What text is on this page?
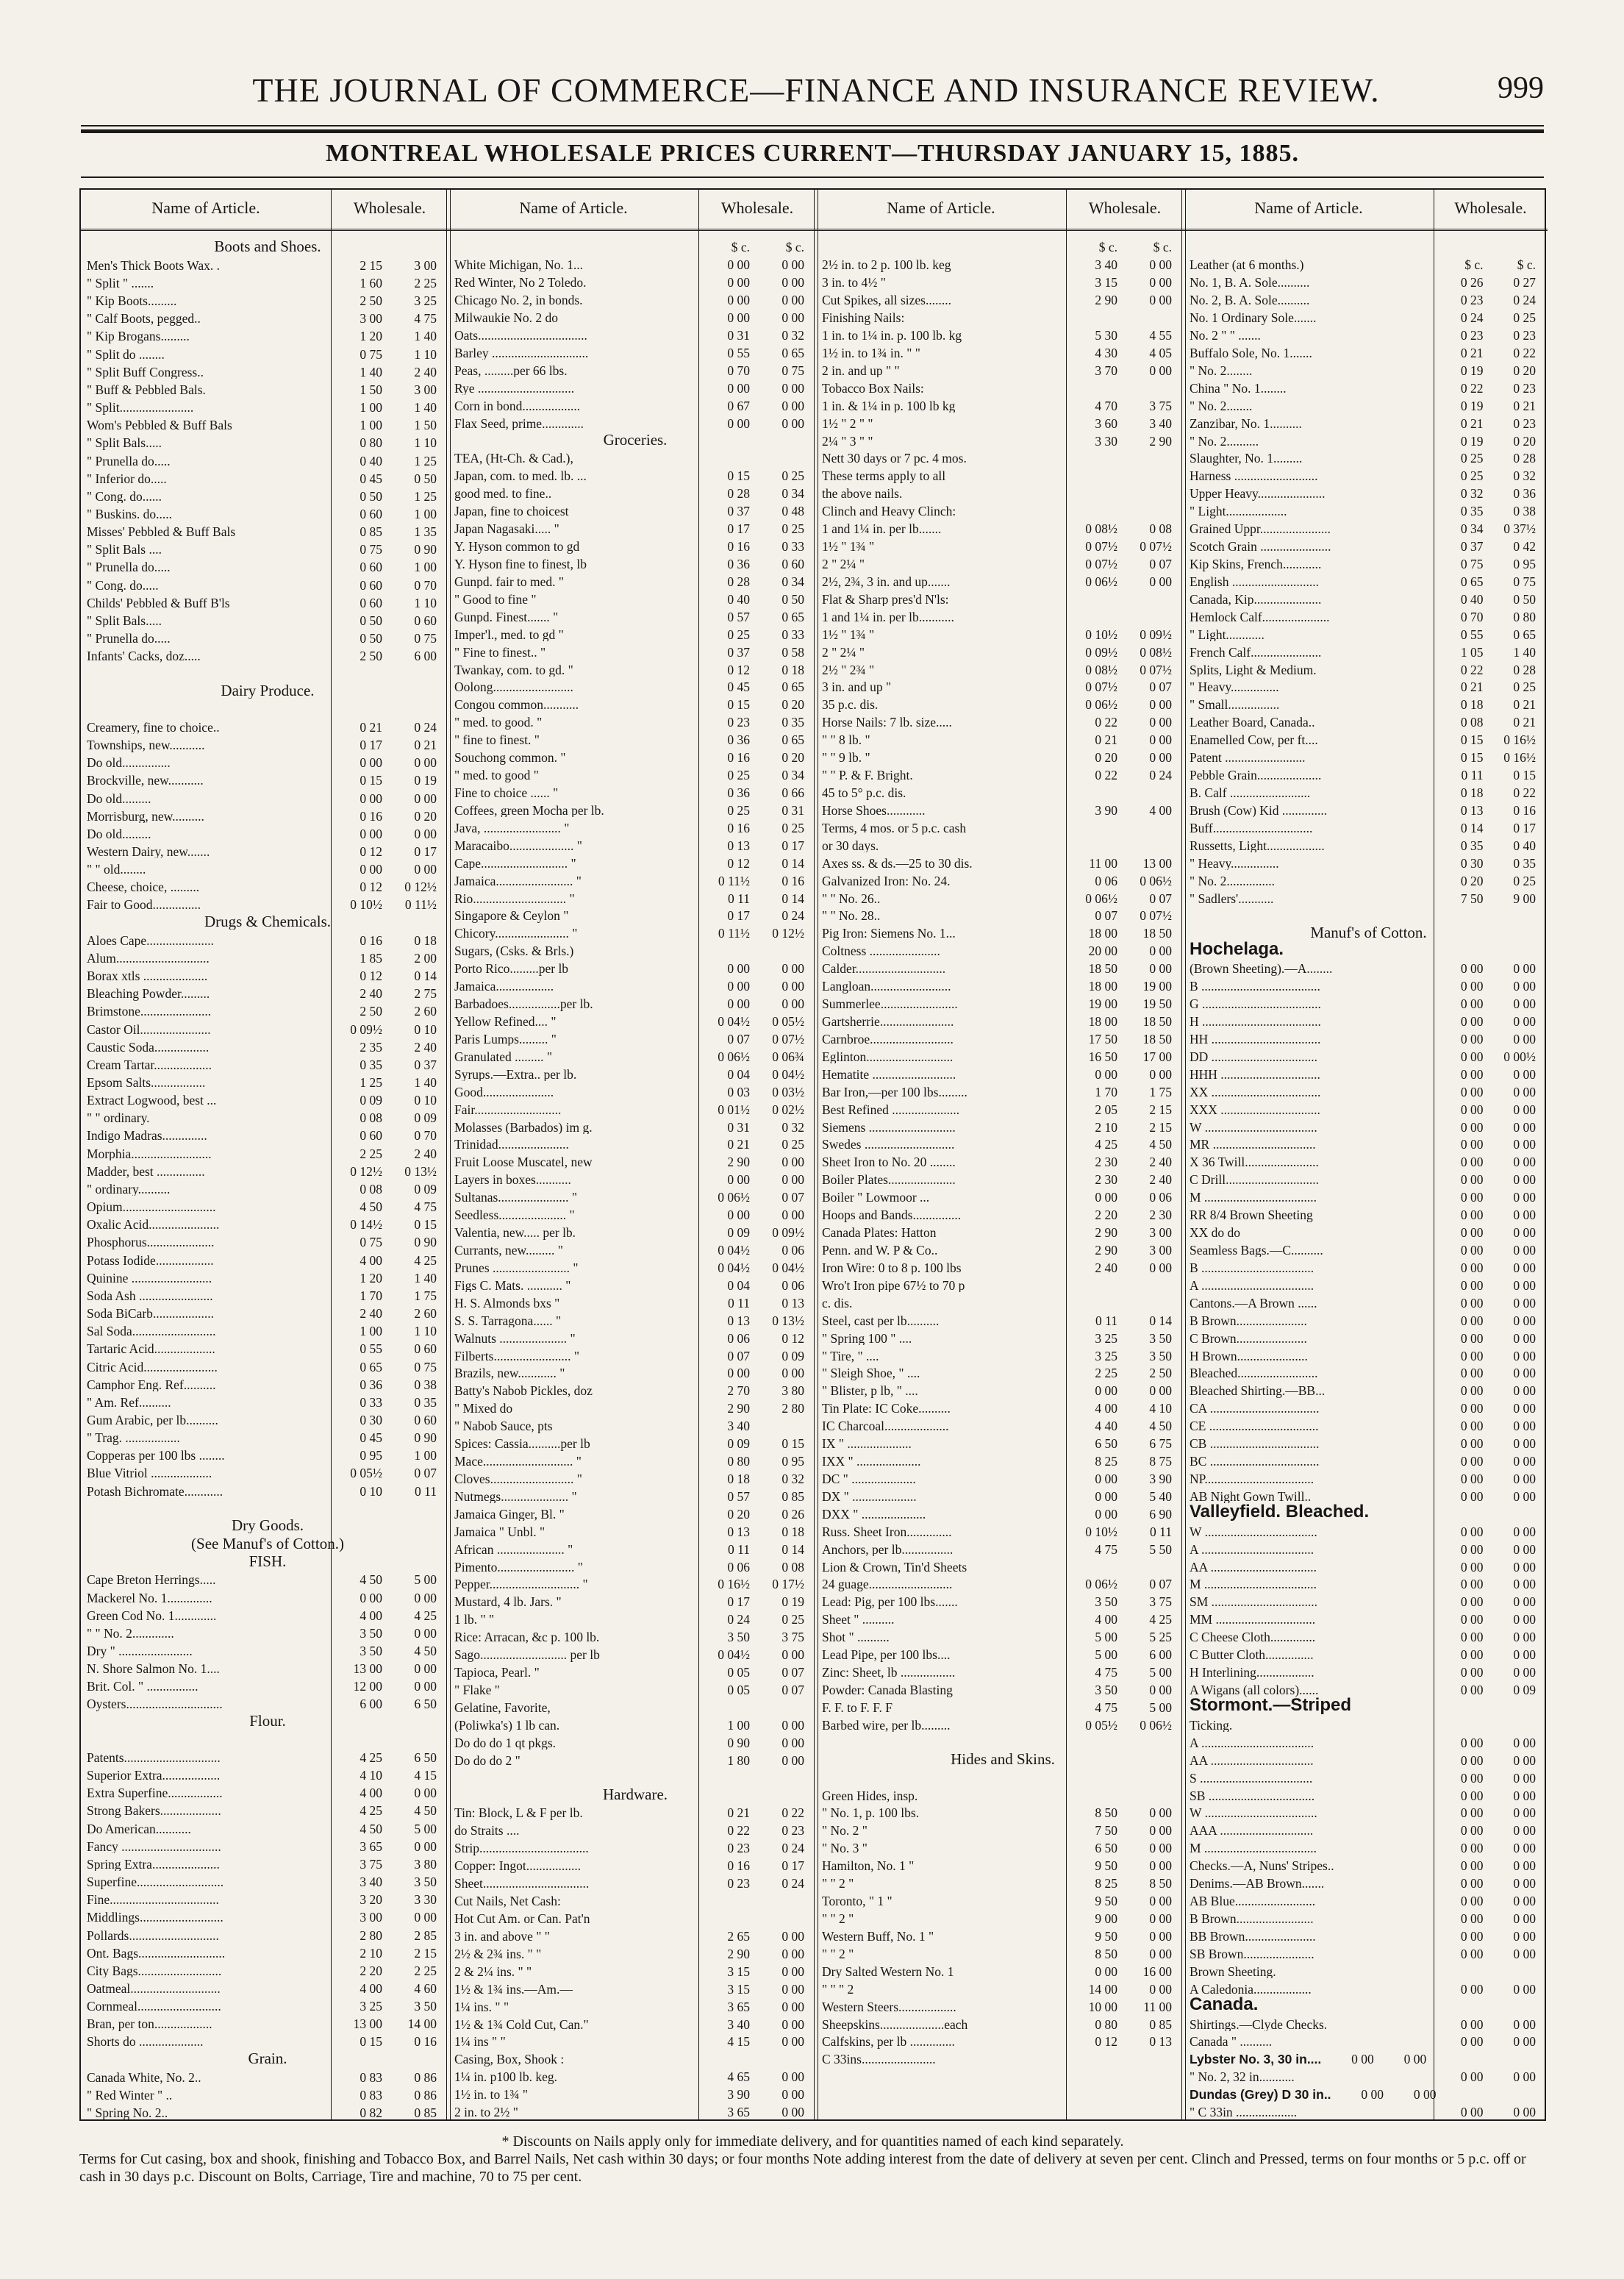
THE JOURNAL OF COMMERCE—FINANCE AND INSURANCE REVIEW.	999
MONTREAL WHOLESALE PRICES CURRENT—THURSDAY JANUARY 15, 1885.
Name of Article.	Wholesale.
Boots and Shoes.
Men's Thick Boots Wax. .	2 15	3 00
" Split " .......	1 60	2 25
" Kip Boots.........	2 50	3 25
" Calf Boots, pegged..	3 00	4 75
" Kip Brogans.........	1 20	1 40
" Split do ........	0 75	1 10
" Split Buff Congress..	1 40	2 40
" Buff & Pebbled Bals.	1 50	3 00
" Split.......................	1 00	1 40
Wom's Pebbled & Buff Bals	1 00	1 50
" Split Bals.....	0 80	1 10
" Prunella do.....	0 40	1 25
" Inferior do.....	0 45	0 50
" Cong. do......	0 50	1 25
" Buskins. do.....	0 60	1 00
Misses' Pebbled & Buff Bals	0 85	1 35
" Split Bals ....	0 75	0 90
" Prunella do.....	0 60	1 00
" Cong. do.....	0 60	0 70
Childs' Pebbled & Buff B'ls	0 60	1 10
" Split Bals.....	0 50	0 60
" Prunella do.....	0 50	0 75
Infants' Cacks, doz.....	2 50	6 00
Dairy Produce.
Creamery, fine to choice..	0 21	0 24
Townships, new...........	0 17	0 21
Do old...............	0 00	0 00
Brockville, new...........	0 15	0 19
Do old.........	0 00	0 00
Morrisburg, new..........	0 16	0 20
Do old.........	0 00	0 00
Western Dairy, new.......	0 12	0 17
" " old........	0 00	0 00
Cheese, choice, .........	0 12	0 12½
Fair to Good...............	0 10½	0 11½
Drugs & Chemicals.
Aloes Cape.....................	0 16	0 18
Alum.............................	1 85	2 00
Borax xtls ....................	0 12	0 14
Bleaching Powder.........	2 40	2 75
Brimstone......................	2 50	2 60
Castor Oil......................	0 09½	0 10
Caustic Soda.................	2 35	2 40
Cream Tartar..................	0 35	0 37
Epsom Salts.................	1 25	1 40
Extract Logwood, best ...	0 09	0 10
" " ordinary.	0 08	0 09
Indigo Madras..............	0 60	0 70
Morphia.........................	2 25	2 40
Madder, best ...............	0 12½	0 13½
" ordinary..........	0 08	0 09
Opium.............................	4 50	4 75
Oxalic Acid......................	0 14½	0 15
Phosphorus.....................	0 75	0 90
Potass Iodide..................	4 00	4 25
Quinine .........................	1 20	1 40
Soda Ash .......................	1 70	1 75
Soda BiCarb...................	2 40	2 60
Sal Soda..........................	1 00	1 10
Tartaric Acid...................	0 55	0 60
Citric Acid.......................	0 65	0 75
Camphor Eng. Ref..........	0 36	0 38
" Am. Ref..........	0 33	0 35
Gum Arabic, per lb..........	0 30	0 60
" Trag. .................	0 45	0 90
Copperas per 100 lbs ........	0 95	1 00
Blue Vitriol ...................	0 05½	0 07
Potash Bichromate............	0 10	0 11
Dry Goods.
(See Manuf's of Cotton.)
FISH.
Cape Breton Herrings.....	4 50	5 00
Mackerel No. 1..............	0 00	0 00
Green Cod No. 1.............	4 00	4 25
" " No. 2.............	3 50	0 00
Dry " .......................	3 50	4 50
N. Shore Salmon No. 1....	13 00	0 00
Brit. Col. " ................	12 00	0 00
Oysters..............................	6 00	6 50
Flour.
Patents..............................	4 25	6 50
Superior Extra..................	4 10	4 15
Extra Superfine.................	4 00	0 00
Strong Bakers...................	4 25	4 50
Do American...........	4 50	5 00
Fancy ...............................	3 65	0 00
Spring Extra.....................	3 75	3 80
Superfine...........................	3 40	3 50
Fine..................................	3 20	3 30
Middlings..........................	3 00	0 00
Pollards............................	2 80	2 85
Ont. Bags...........................	2 10	2 15
City Bags..........................	2 20	2 25
Oatmeal............................	4 00	4 60
Cornmeal..........................	3 25	3 50
Bran, per ton..................	13 00	14 00
Shorts do ....................	0 15	0 16
Grain.
Canada White, No. 2..	0 83	0 86
" Red Winter " ..	0 83	0 86
" Spring No. 2..	0 82	0 85
Name of Article.	Wholesale.
$ c.	$ c.
White Michigan, No. 1...	0 00	0 00
Red Winter, No 2 Toledo.	0 00	0 00
Chicago No. 2, in bonds.	0 00	0 00
Milwaukie No. 2 do	0 00	0 00
Oats..................................	0 31	0 32
Barley ..............................	0 55	0 65
Peas, .........per 66 lbs.	0 70	0 75
Rye ..............................	0 00	0 00
Corn in bond..................	0 67	0 00
Flax Seed, prime.............	0 00	0 00
Groceries.
TEA, (Ht-Ch. & Cad.),
Japan, com. to med. lb. ...	0 15	0 25
good med. to fine..	0 28	0 34
Japan, fine to choicest	0 37	0 48
Japan Nagasaki..... "	0 17	0 25
Y. Hyson common to gd	0 16	0 33
Y. Hyson fine to finest, lb	0 36	0 60
Gunpd. fair to med. "	0 28	0 34
" Good to fine "	0 40	0 50
Gunpd. Finest....... "	0 57	0 65
Imper'l., med. to gd "	0 25	0 33
" Fine to finest.. "	0 37	0 58
Twankay, com. to gd. "	0 12	0 18
Oolong.........................	0 45	0 65
Congou common...........	0 15	0 20
" med. to good. "	0 23	0 35
" fine to finest. "	0 36	0 65
Souchong common. "	0 16	0 20
" med. to good "	0 25	0 34
Fine to choice ...... "	0 36	0 66
Coffees, green Mocha per lb.	0 25	0 31
Java, ........................ "	0 16	0 25
Maracaibo.................... "	0 13	0 17
Cape........................... "	0 12	0 14
Jamaica........................ "	0 11½	0 16
Rio............................. "	0 11	0 14
Singapore & Ceylon "	0 17	0 24
Chicory....................... "	0 11½	0 12½
Sugars, (Csks. & Brls.)
Porto Rico.........per lb	0 00	0 00
Jamaica..................	0 00	0 00
Barbadoes................per lb.	0 00	0 00
Yellow Refined.... "	0 04½	0 05½
Paris Lumps......... "	0 07	0 07½
Granulated ......... "	0 06½	0 06¾
Syrups.—Extra.. per lb.	0 04	0 04½
Good......................	0 03	0 03½
Fair...........................	0 01½	0 02½
Molasses (Barbados) im g.	0 31	0 32
Trinidad......................	0 21	0 25
Fruit Loose Muscatel, new	2 90	0 00
Layers in boxes...........	0 00	0 00
Sultanas...................... "	0 06½	0 07
Seedless..................... "	0 00	0 00
Valentia, new..... per lb.	0 09	0 09½
Currants, new......... "	0 04½	0 06
Prunes ........................ "	0 04½	0 04½
Figs C. Mats. ........... "	0 04	0 06
H. S. Almonds bxs "	0 11	0 13
S. S. Tarragona...... "	0 13	0 13½
Walnuts ..................... "	0 06	0 12
Filberts........................ "	0 07	0 09
Brazils, new............ "	0 00	0 00
Batty's Nabob Pickles, doz	2 70	3 80
" Mixed do	2 90	2 80
" Nabob Sauce, pts	3 40
Spices: Cassia..........per lb	0 09	0 15
Mace............................ "	0 80	0 95
Cloves.......................... "	0 18	0 32
Nutmegs..................... "	0 57	0 85
Jamaica Ginger, Bl. "	0 20	0 26
Jamaica " Unbl. "	0 13	0 18
African ..................... "	0 11	0 14
Pimento........................ "	0 06	0 08
Pepper............................ "	0 16½	0 17½
Mustard, 4 lb. Jars. "	0 17	0 19
1 lb. " "	0 24	0 25
Rice: Arracan, &c p. 100 lb.	3 50	3 75
Sago........................... per lb	0 04½	0 00
Tapioca, Pearl. "	0 05	0 07
" Flake "	0 05	0 07
Gelatine, Favorite,
(Poliwka's) 1 lb can.	1 00	0 00
Do do do 1 qt pkgs.	0 90	0 00
Do do do 2 "	1 80	0 00
Hardware.
Tin: Block, L & F per lb.	0 21	0 22
do Straits ....	0 22	0 23
Strip..................................	0 23	0 24
Copper: Ingot.................	0 16	0 17
Sheet.................................	0 23	0 24
Cut Nails, Net Cash:
Hot Cut Am. or Can. Pat'n
3 in. and above " "	2 65	0 00
2½ & 2¾ ins. " "	2 90	0 00
2 & 2¼ ins. " "	3 15	0 00
1½ & 1¾ ins.—Am.—	3 15	0 00
1¼ ins. " "	3 65	0 00
1½ & 1¾ Cold Cut, Can."	3 40	0 00
1¼ ins " "	4 15	0 00
Casing, Box, Shook :
1¼ in. p100 lb. keg.	4 65	0 00
1½ in. to 1¾ "	3 90	0 00
2 in. to 2½ "	3 65	0 00
Name of Article.	Wholesale.
$ c.	$ c.
2½ in. to 2 p. 100 lb. keg	3 40	0 00
3 in. to 4½ "	3 15	0 00
Cut Spikes, all sizes........	2 90	0 00
Finishing Nails:
1 in. to 1¼ in. p. 100 lb. kg	5 30	4 55
1½ in. to 1¾ in. " "	4 30	4 05
2 in. and up " "	3 70	0 00
Tobacco Box Nails:
1 in. & 1¼ in p. 100 lb kg	4 70	3 75
1½ " 2 " "	3 60	3 40
2¼ " 3 " "	3 30	2 90
Nett 30 days or 7 pc. 4 mos.
These terms apply to all
the above nails.
Clinch and Heavy Clinch:
1 and 1¼ in. per lb.......	0 08½	0 08
1½ " 1¾ "	0 07½	0 07½
2 " 2¼ "	0 07½	0 07
2½, 2¾, 3 in. and up.......	0 06½	0 00
Flat & Sharp pres'd N'ls:
1 and 1¼ in. per lb...........
1½ " 1¾ "	0 10½	0 09½
2 " 2¼ "	0 09½	0 08½
2½ " 2¾ "	0 08½	0 07½
3 in. and up "	0 07½	0 07
35 p.c. dis.	0 06½	0 00
Horse Nails: 7 lb. size.....	0 22	0 00
" " 8 lb. "	0 21	0 00
" " 9 lb. "	0 20	0 00
" " P. & F. Bright.	0 22	0 24
45 to 5° p.c. dis.
Horse Shoes............	3 90	4 00
Terms, 4 mos. or 5 p.c. cash
or 30 days.
Axes ss. & ds.—25 to 30 dis.	11 00	13 00
Galvanized Iron: No. 24.	0 06	0 06½
" " No. 26..	0 06½	0 07
" " No. 28..	0 07	0 07½
Pig Iron: Siemens No. 1...	18 00	18 50
Coltness ......................	20 00	0 00
Calder............................	18 50	0 00
Langloan.........................	18 00	19 00
Summerlee........................	19 00	19 50
Gartsherrie.......................	18 00	18 50
Carnbroe..........................	17 50	18 50
Eglinton...........................	16 50	17 00
Hematite ..........................	0 00	0 00
Bar Iron,—per 100 lbs.........	1 70	1 75
Best Refined .....................	2 05	2 15
Siemens ...........................	2 10	2 15
Swedes ............................	4 25	4 50
Sheet Iron to No. 20 ........	2 30	2 40
Boiler Plates.....................	2 30	2 40
Boiler " Lowmoor ...	0 00	0 06
Hoops and Bands...............	2 20	2 30
Canada Plates: Hatton	2 90	3 00
Penn. and W. P & Co..	2 90	3 00
Iron Wire: 0 to 8 p. 100 lbs	2 40	0 00
Wro't Iron pipe 67½ to 70 p
c. dis.
Steel, cast per lb..........	0 11	0 14
" Spring 100 " ....	3 25	3 50
" Tire, " ....	3 25	3 50
" Sleigh Shoe, " ....	2 25	2 50
" Blister, p lb, " ....	0 00	0 00
Tin Plate: IC Coke..........	4 00	4 10
IC Charcoal....................	4 40	4 50
IX " ....................	6 50	6 75
IXX " ....................	8 25	8 75
DC " ....................	0 00	3 90
DX " ....................	0 00	5 40
DXX " ....................	0 00	6 90
Russ. Sheet Iron..............	0 10½	0 11
Anchors, per lb................	4 75	5 50
Lion & Crown, Tin'd Sheets
24 guage..........................	0 06½	0 07
Lead: Pig, per 100 lbs.......	3 50	3 75
Sheet " ..........	4 00	4 25
Shot " ..........	5 00	5 25
Lead Pipe, per 100 lbs....	5 00	6 00
Zinc: Sheet, lb .................	4 75	5 00
Powder: Canada Blasting	3 50	0 00
F. F. to F. F. F	4 75	5 00
Barbed wire, per lb.........	0 05½	0 06½
Hides and Skins.
Green Hides, insp.
" No. 1, p. 100 lbs.	8 50	0 00
" No. 2 "	7 50	0 00
" No. 3 "	6 50	0 00
Hamilton, No. 1 "	9 50	0 00
" " 2 "	8 25	8 50
Toronto, " 1 "	9 50	0 00
" " 2 "	9 00	0 00
Western Buff, No. 1 "	9 50	0 00
" " 2 "	8 50	0 00
Dry Salted Western No. 1	0 00	16 00
" " " 2	14 00	0 00
Western Steers..................	10 00	11 00
Sheepskins....................each	0 80	0 85
Calfskins, per lb ..............	0 12	0 13
C 33ins.......................
Name of Article.	Wholesale.
Leather (at 6 months.)	$ c.	$ c.
No. 1, B. A. Sole..........	0 26	0 27
No. 2, B. A. Sole..........	0 23	0 24
No. 1 Ordinary Sole.......	0 24	0 25
No. 2 " " .......	0 23	0 23
Buffalo Sole, No. 1.......	0 21	0 22
" No. 2........	0 19	0 20
China " No. 1........	0 22	0 23
" No. 2........	0 19	0 21
Zanzibar, No. 1..........	0 21	0 23
" No. 2..........	0 19	0 20
Slaughter, No. 1.........	0 25	0 28
Harness ..........................	0 25	0 32
Upper Heavy.....................	0 32	0 36
" Light...................	0 35	0 38
Grained Uppr......................	0 34	0 37½
Scotch Grain ......................	0 37	0 42
Kip Skins, French............	0 75	0 95
English ...........................	0 65	0 75
Canada, Kip.....................	0 40	0 50
Hemlock Calf.....................	0 70	0 80
" Light............	0 55	0 65
French Calf......................	1 05	1 40
Splits, Light & Medium.	0 22	0 28
" Heavy...............	0 21	0 25
" Small................	0 18	0 21
Leather Board, Canada..	0 08	0 21
Enamelled Cow, per ft....	0 15	0 16½
Patent .........................	0 15	0 16½
Pebble Grain....................	0 11	0 15
B. Calf .........................	0 18	0 22
Brush (Cow) Kid ..............	0 13	0 16
Buff...............................	0 14	0 17
Russetts, Light..................	0 35	0 40
" Heavy...............	0 30	0 35
" No. 2...............	0 20	0 25
" Sadlers'...........	7 50	9 00
Manuf's of Cotton.
Hochelaga.
(Brown Sheeting).—A........	0 00	0 00
B .....................................	0 00	0 00
G .....................................	0 00	0 00
H .....................................	0 00	0 00
HH ..................................	0 00	0 00
DD .................................	0 00	0 00½
HHH ...............................	0 00	0 00
XX ..................................	0 00	0 00
XXX ...............................	0 00	0 00
W ...................................	0 00	0 00
MR ................................	0 00	0 00
X 36 Twill.......................	0 00	0 00
C Drill.............................	0 00	0 00
M ...................................	0 00	0 00
RR 8/4 Brown Sheeting	0 00	0 00
XX do do	0 00	0 00
Seamless Bags.—C..........	0 00	0 00
B ...................................	0 00	0 00
A ...................................	0 00	0 00
Cantons.—A Brown ......	0 00	0 00
B Brown......................	0 00	0 00
C Brown......................	0 00	0 00
H Brown......................	0 00	0 00
Bleached.........................	0 00	0 00
Bleached Shirting.—BB...	0 00	0 00
CA ..................................	0 00	0 00
CE ..................................	0 00	0 00
CB ..................................	0 00	0 00
BC ..................................	0 00	0 00
NP..................................	0 00	0 00
AB Night Gown Twill..	0 00	0 00
Valleyfield. Bleached.
W ...................................	0 00	0 00
A ...................................	0 00	0 00
AA .................................	0 00	0 00
M ...................................	0 00	0 00
SM .................................	0 00	0 00
MM ...............................	0 00	0 00
C Cheese Cloth..............	0 00	0 00
C Butter Cloth...............	0 00	0 00
H Interlining..................	0 00	0 00
A Wigans (all colors)......	0 00	0 09
Stormont.—Striped
Ticking.
A ...................................	0 00	0 00
AA ................................	0 00	0 00
S ...................................	0 00	0 00
SB .................................	0 00	0 00
W ...................................	0 00	0 00
AAA .............................	0 00	0 00
M ...................................	0 00	0 00
Checks.—A, Nuns' Stripes..	0 00	0 00
Denims.—AB Brown.......	0 00	0 00
AB Blue.........................	0 00	0 00
B Brown........................	0 00	0 00
BB Brown......................	0 00	0 00
SB Brown......................	0 00	0 00
Brown Sheeting.
A Caledonia..................	0 00	0 00
Canada.
Shirtings.—Clyde Checks.	0 00	0 00
Canada " ..........	0 00	0 00
Lybster No. 3, 30 in....	0 00	0 00
" No. 2, 32 in...........	0 00	0 00
Dundas (Grey) D 30 in..	0 00	0 00
" C 33in ...................	0 00	0 00
* Discounts on Nails apply only for immediate delivery, and for quantities named of each kind separately.
Terms for Cut casing, box and shook, finishing and Tobacco Box, and Barrel Nails, Net cash within 30 days; or four months Note adding interest from the date of delivery at seven per cent. Clinch and Pressed, terms on four months or 5 p.c. off or cash in 30 days p.c. Discount on Bolts, Carriage, Tire and machine, 70 to 75 per cent.
